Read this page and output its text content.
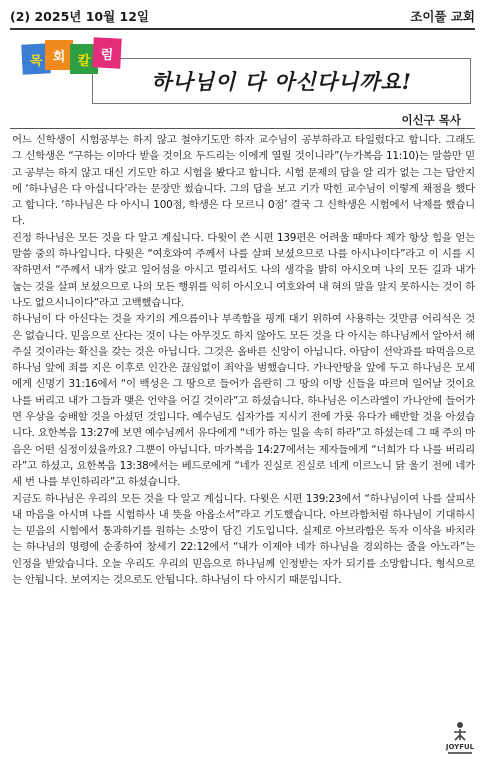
(2) 2025년 10월 12일	조이풀 교회
하나님이 다 아신다니까요!
목 회 칼 럼
이신구 목사

어느 신학생이 시험공부는 하지 않고 철야기도만 하자 교수님이 공부하라고 타일렀다고 합니다. 그래도 그 신학생은 “구하는 이마다 받을 것이요 두드리는 이에게 열릴 것이니라”(누가복음 11:10)는 말씀만 믿고 공부는 하지 않고 대신 기도만 하고 시험을 봤다고 합니다. 시험 문제의 답을 알 리가 없는 그는 답안지에 ‘하나님은 다 아십니다’라는 문장만 썼습니다. 그의 답을 보고 기가 막힌 교수님이 이렇게 채점을 했다고 합니다. ‘하나님은 다 아시니 100점, 학생은 다 모르니 0점’ 결국 그 신학생은 시험에서 낙제를 했습니다.

진정 하나님은 모든 것을 다 알고 계십니다. 다윗이 쓴 시편 139편은 어려울 때마다 제가 항상 힘을 얻는 말씀 중의 하나입니다. 다윗은 “여호와여 주께서 나를 살펴 보셨으므로 나를 아시나이다”라고 이 시를 시작하면서 “주께서 내가 앉고 일어섬을 아시고 멀리서도 나의 생각을 밝히 아시오며 나의 모든 길과 내가 눕는 것을 살펴 보셨으므로 나의 모든 행위를 익히 아시오니 여호와여 내 혀의 말을 알지 못하시는 것이 하나도 없으시니이다”라고 고백했습니다.

하나님이 다 아신다는 것을 자기의 게으름이나 부족함을 핑계 대기 위하여 사용하는 것만큼 어리석은 것은 없습니다. 믿음으로 산다는 것이 나는 아무것도 하지 않아도 모든 것을 다 아시는 하나님께서 알아서 해주실 것이라는 확신을 갖는 것은 아닙니다. 그것은 올바른 신앙이 아닙니다. 아담이 선악과를 따먹음으로 하나님 앞에 죄를 지은 이후로 인간은 끊임없이 죄악을 범했습니다. 가나안땅을 앞에 두고 하나님은 모세에게 신명기 31:16에서 “이 백성은 그 땅으로 들어가 음란히 그 땅의 이방 신들을 따르며 일어날 것이요 나를 버리고 내가 그들과 맺은 언약을 어길 것이라”고 하셨습니다. 하나님은 이스라엘이 가나안에 들어가면 우상을 숭배할 것을 아셨던 것입니다. 예수님도 십자가를 지시기 전에 가룟 유다가 배반할 것을 아셨습니다. 요한복음 13:27에 보면 예수님께서 유다에게 “네가 하는 일을 속히 하라”고 하셨는데 그 때 주의 마음은 어떤 심정이셨을까요? 그뿐이 아닙니다. 마가복음 14:27에서는 제자들에게 “너희가 다 나를 버리리라”고 하셨고, 요한복음 13:38에서는 베드로에게 “네가 진실로 진실로 네게 이르노니 닭 울기 전에 네가 세 번 나를 부인하리라”고 하셨습니다.

지금도 하나님은 우리의 모든 것을 다 알고 계십니다. 다윗은 시편 139:23에서 “하나님이여 나를 살피사 내 마음을 아시며 나를 시험하사 내 뜻을 아옵소서”라고 기도했습니다. 아브라함처럼 하나님이 기대하시는 믿음의 시험에서 통과하기를 원하는 소망이 담긴 기도입니다. 실제로 아브라함은 독자 이삭을 바치라는 하나님의 명령에 순종하여 창세기 22:12에서 “내가 이제야 네가 하나님을 경외하는 줄을 아노라”는 인정을 받았습니다. 오늘 우리도 우리의 믿음으로 하나님께 인정받는 자가 되기를 소망합니다. 형식으로는 안됩니다. 보여지는 것으로도 안됩니다. 하나님이 다 아시기 때문입니다.

JOYFUL
